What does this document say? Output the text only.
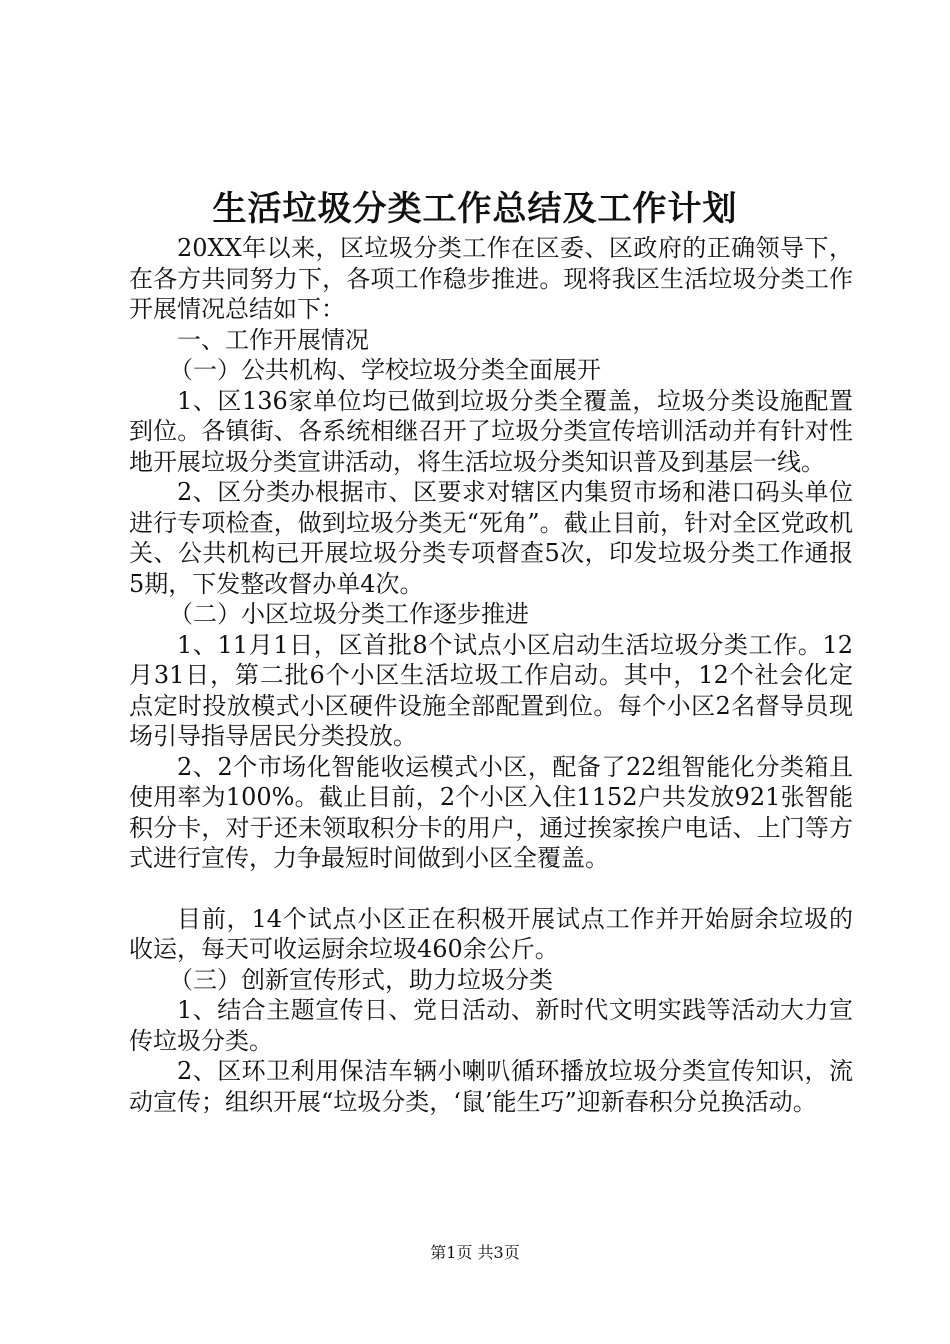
生活垃圾分类工作总结及工作计划

20XX年以来，区垃圾分类工作在区委、区政府的正确领导下，在各方共同努力下，各项工作稳步推进。现将我区生活垃圾分类工作开展情况总结如下：

一、工作开展情况

（一）公共机构、学校垃圾分类全面展开

1、区136家单位均已做到垃圾分类全覆盖，垃圾分类设施配置到位。各镇街、各系统相继召开了垃圾分类宣传培训活动并有针对性地开展垃圾分类宣讲活动，将生活垃圾分类知识普及到基层一线。

2、区分类办根据市、区要求对辖区内集贸市场和港口码头单位进行专项检查，做到垃圾分类无“死角”。截止目前，针对全区党政机关、公共机构已开展垃圾分类专项督查5次，印发垃圾分类工作通报5期，下发整改督办单4次。

（二）小区垃圾分类工作逐步推进

1、11月1日，区首批8个试点小区启动生活垃圾分类工作。12月31日，第二批6个小区生活垃圾工作启动。其中，12个社会化定点定时投放模式小区硬件设施全部配置到位。每个小区2名督导员现场引导指导居民分类投放。

2、2个市场化智能收运模式小区，配备了22组智能化分类箱且使用率为100%。截止目前，2个小区入住1152户共发放921张智能积分卡，对于还未领取积分卡的用户，通过挨家挨户电话、上门等方式进行宣传，力争最短时间做到小区全覆盖。

目前，14个试点小区正在积极开展试点工作并开始厨余垃圾的收运，每天可收运厨余垃圾460余公斤。

（三）创新宣传形式，助力垃圾分类

1、结合主题宣传日、党日活动、新时代文明实践等活动大力宣传垃圾分类。

2、区环卫利用保洁车辆小喇叭循环播放垃圾分类宣传知识，流动宣传；组织开展“垃圾分类，‘鼠’能生巧”迎新春积分兑换活动。

第1页 共3页
